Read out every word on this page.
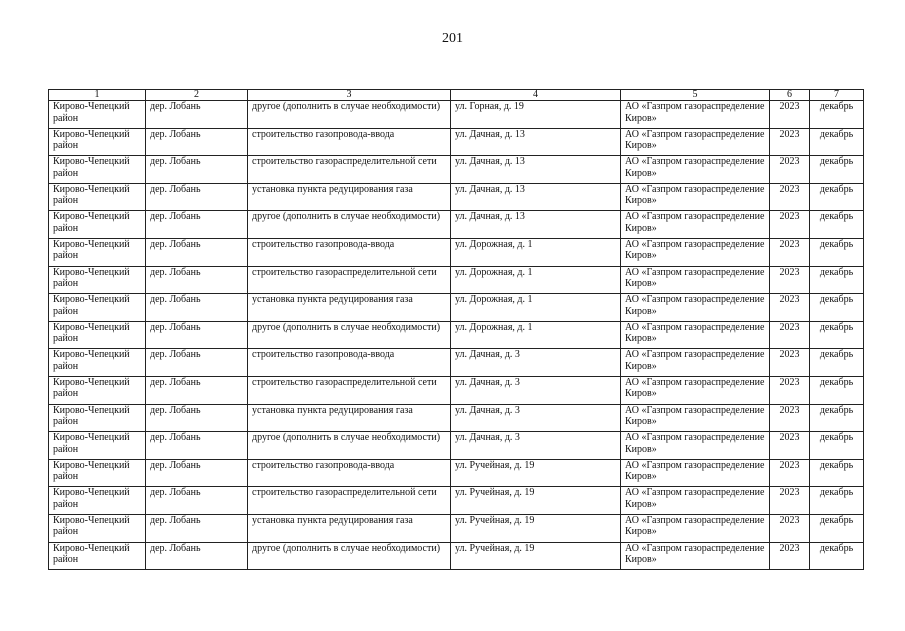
201
1	2	3	4	5	6	7
Кирово-Чепецкий район	дер. Лобань	другое (дополнить в случае необходимости)	ул. Горная, д. 19	АО «Газпром газораспределение Киров»	2023	декабрь
Кирово-Чепецкий район	дер. Лобань	строительство газопровода-ввода	ул. Дачная, д. 13	АО «Газпром газораспределение Киров»	2023	декабрь
Кирово-Чепецкий район	дер. Лобань	строительство газораспределительной сети	ул. Дачная, д. 13	АО «Газпром газораспределение Киров»	2023	декабрь
Кирово-Чепецкий район	дер. Лобань	установка пункта редуцирования газа	ул. Дачная, д. 13	АО «Газпром газораспределение Киров»	2023	декабрь
Кирово-Чепецкий район	дер. Лобань	другое (дополнить в случае необходимости)	ул. Дачная, д. 13	АО «Газпром газораспределение Киров»	2023	декабрь
Кирово-Чепецкий район	дер. Лобань	строительство газопровода-ввода	ул. Дорожная, д. 1	АО «Газпром газораспределение Киров»	2023	декабрь
Кирово-Чепецкий район	дер. Лобань	строительство газораспределительной сети	ул. Дорожная, д. 1	АО «Газпром газораспределение Киров»	2023	декабрь
Кирово-Чепецкий район	дер. Лобань	установка пункта редуцирования газа	ул. Дорожная, д. 1	АО «Газпром газораспределение Киров»	2023	декабрь
Кирово-Чепецкий район	дер. Лобань	другое (дополнить в случае необходимости)	ул. Дорожная, д. 1	АО «Газпром газораспределение Киров»	2023	декабрь
Кирово-Чепецкий район	дер. Лобань	строительство газопровода-ввода	ул. Дачная, д. 3	АО «Газпром газораспределение Киров»	2023	декабрь
Кирово-Чепецкий район	дер. Лобань	строительство газораспределительной сети	ул. Дачная, д. 3	АО «Газпром газораспределение Киров»	2023	декабрь
Кирово-Чепецкий район	дер. Лобань	установка пункта редуцирования газа	ул. Дачная, д. 3	АО «Газпром газораспределение Киров»	2023	декабрь
Кирово-Чепецкий район	дер. Лобань	другое (дополнить в случае необходимости)	ул. Дачная, д. 3	АО «Газпром газораспределение Киров»	2023	декабрь
Кирово-Чепецкий район	дер. Лобань	строительство газопровода-ввода	ул. Ручейная, д. 19	АО «Газпром газораспределение Киров»	2023	декабрь
Кирово-Чепецкий район	дер. Лобань	строительство газораспределительной сети	ул. Ручейная, д. 19	АО «Газпром газораспределение Киров»	2023	декабрь
Кирово-Чепецкий район	дер. Лобань	установка пункта редуцирования газа	ул. Ручейная, д. 19	АО «Газпром газораспределение Киров»	2023	декабрь
Кирово-Чепецкий район	дер. Лобань	другое (дополнить в случае необходимости)	ул. Ручейная, д. 19	АО «Газпром газораспределение Киров»	2023	декабрь
